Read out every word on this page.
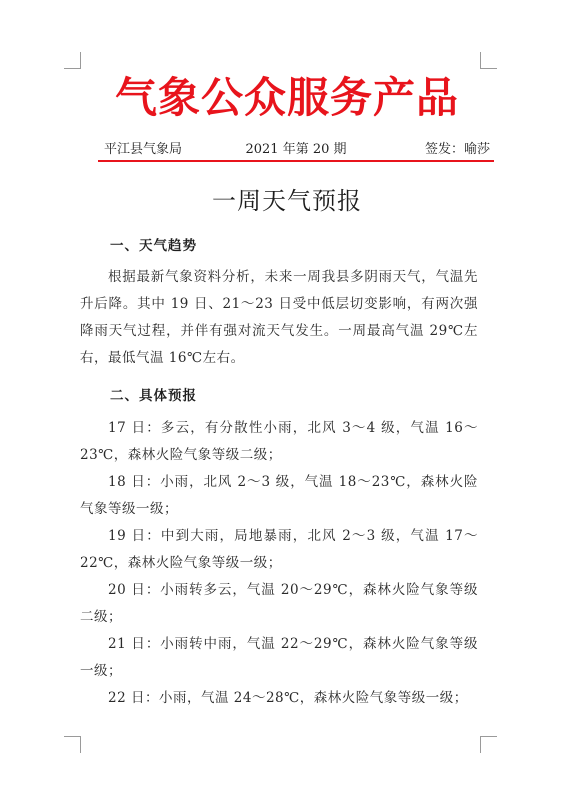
气象公众服务产品
2021 年第 20 期
平江县气象局	签发：喻莎
一周天气预报
一、天气趋势

根据最新气象资料分析，未来一周我县多阴雨天气，气温先升后降。其中 19 日、21～23 日受中低层切变影响，有两次强降雨天气过程，并伴有强对流天气发生。一周最高气温 29℃左右，最低气温 16℃左右。

二、具体预报

17 日：多云，有分散性小雨，北风 3～4 级，气温 16～23℃，森林火险气象等级二级；

18 日：小雨，北风 2～3 级，气温 18～23℃，森林火险气象等级一级；

19 日：中到大雨，局地暴雨，北风 2～3 级，气温 17～22℃，森林火险气象等级一级；

20 日：小雨转多云，气温 20～29℃，森林火险气象等级二级；

21 日：小雨转中雨，气温 22～29℃，森林火险气象等级一级；

22 日：小雨，气温 24～28℃，森林火险气象等级一级；
